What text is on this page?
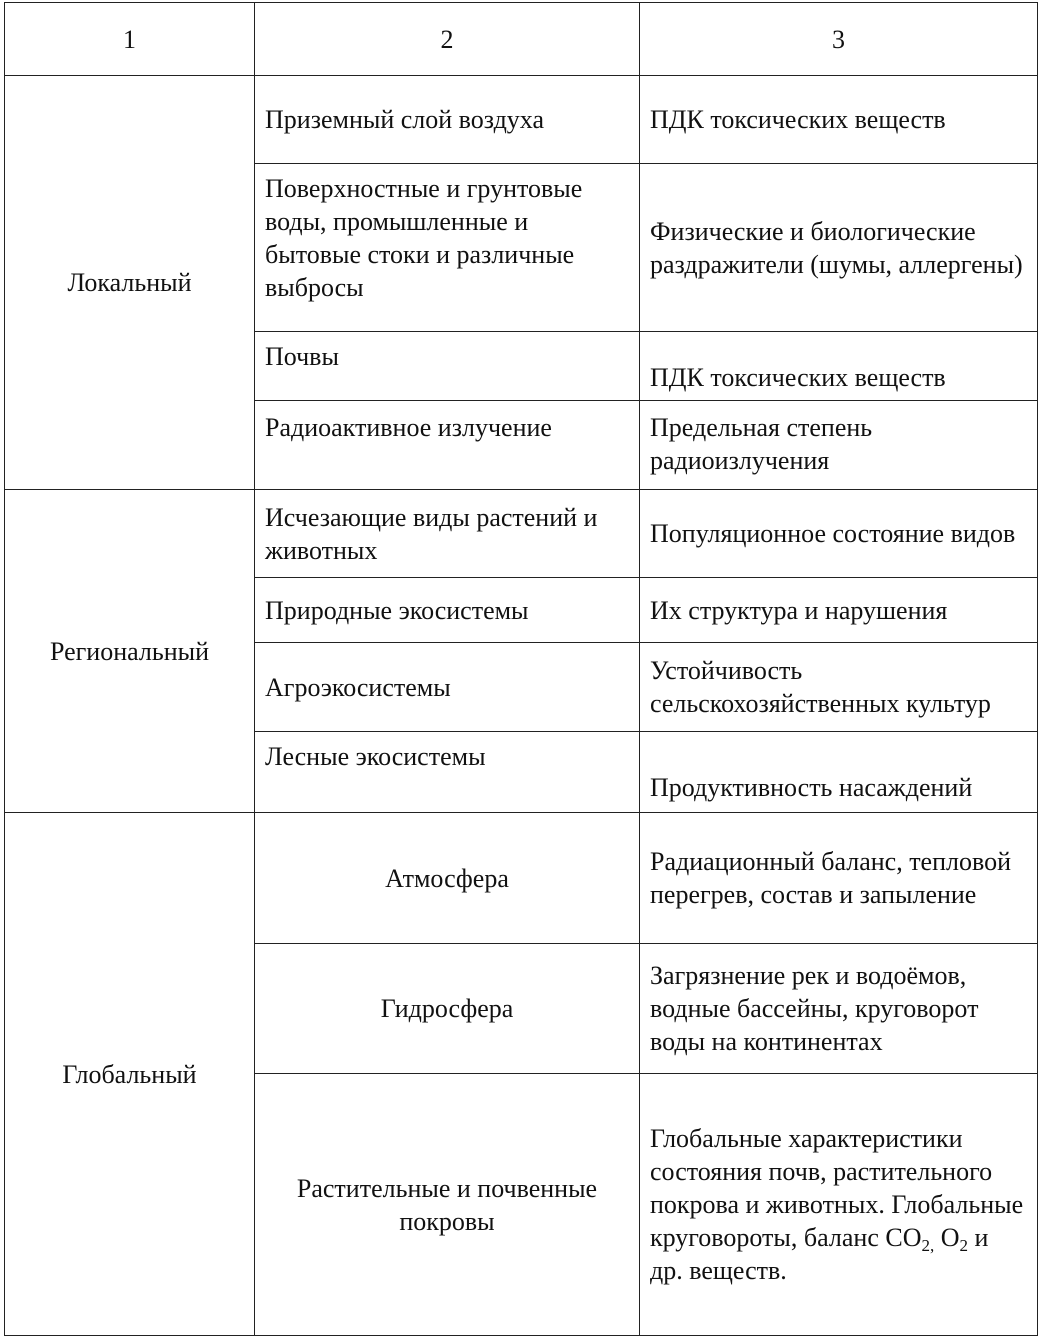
1	2	3
Локальный	Приземный слой воздуха	ПДК токсических веществ
	Поверхностные и грунтовые воды, промышленные и бытовые стоки и различные выбросы	Физические и биологические раздражители (шумы, аллергены)
	Почвы	ПДК токсических веществ
	Радиоактивное излучение	Предельная степень радиоизлучения
Региональный	Исчезающие виды растений и животных	Популяционное состояние видов
	Природные экосистемы	Их структура и нарушения
	Агроэкосистемы	Устойчивость сельскохозяйственных культур
	Лесные экосистемы	Продуктивность насаждений
Глобальный	Атмосфера	Радиационный баланс, тепловой перегрев, состав и запыление
	Гидросфера	Загрязнение рек и водоёмов, водные бассейны, круговорот воды на континентах
	Растительные и почвенные покровы	Глобальные характеристики состояния почв, растительного покрова и животных. Глобальные круговороты, баланс $CO_{2,}$ $O_2$ и др. веществ.
